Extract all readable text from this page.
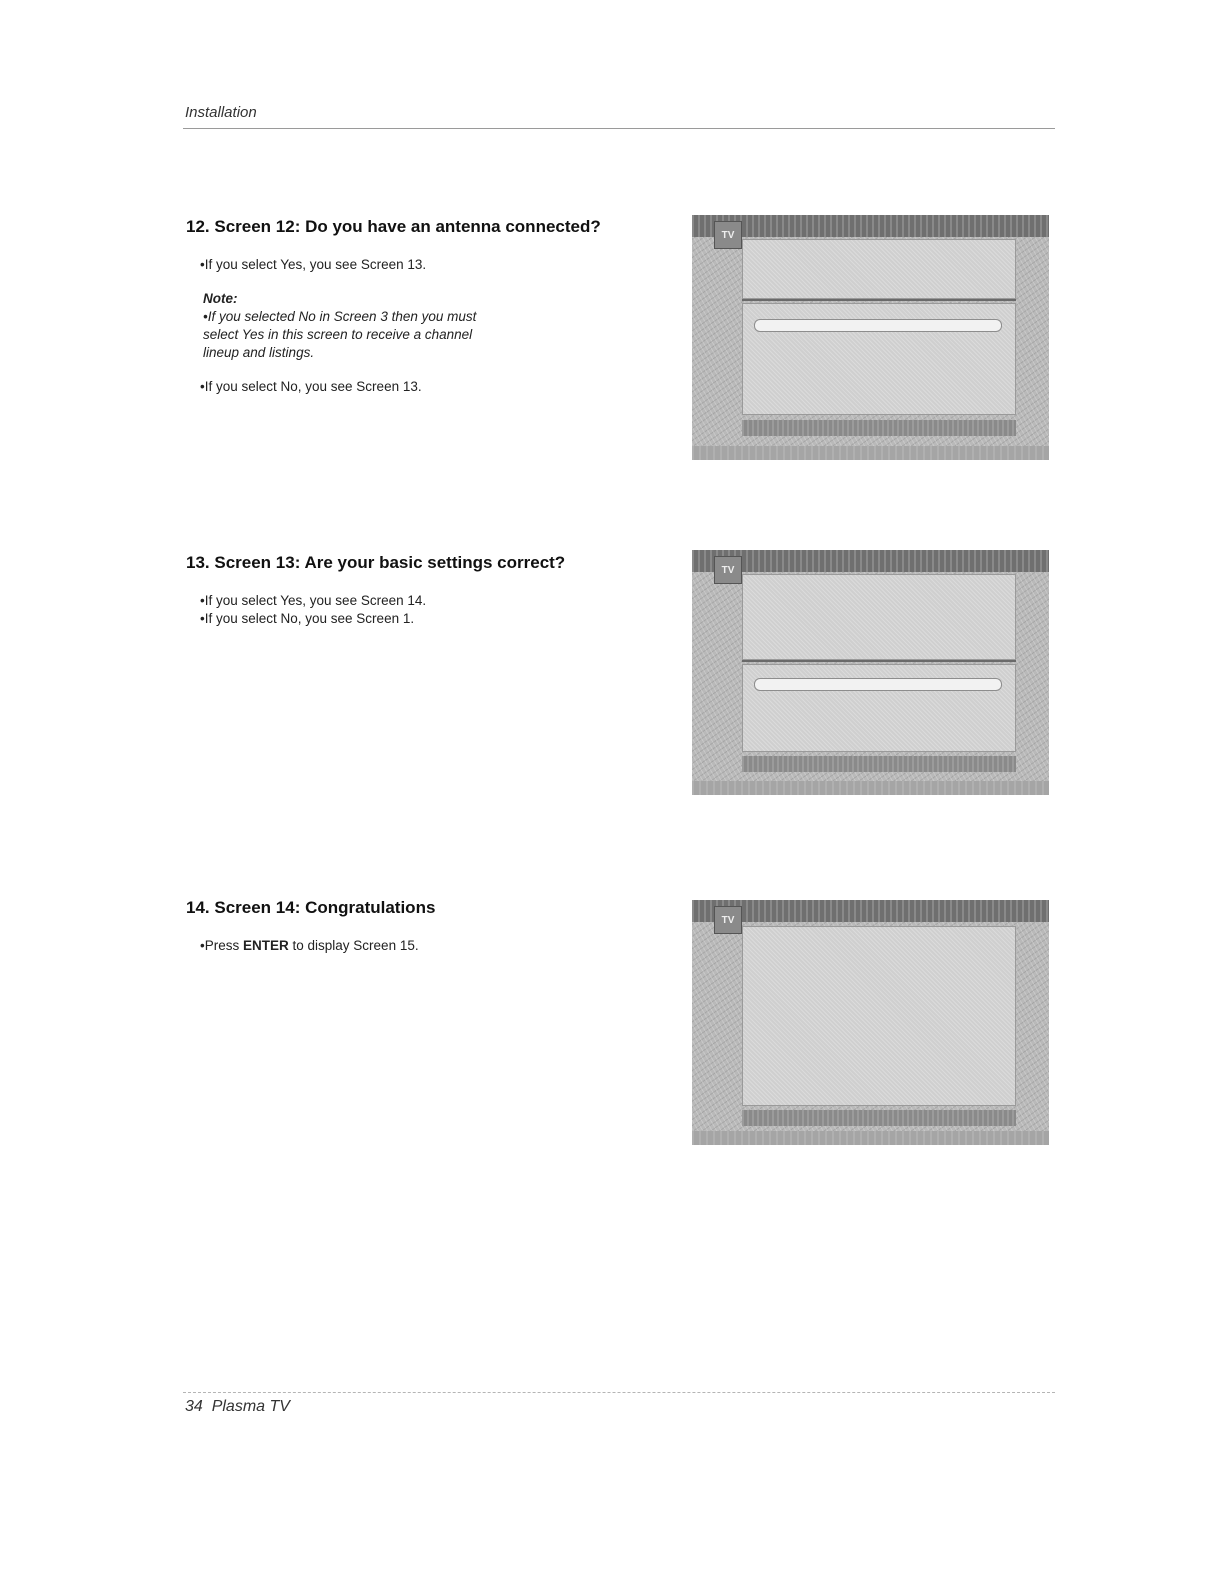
Installation
12. Screen 12: Do you have an antenna connected?

•If you select Yes, you see Screen 13.

Note:

•If you selected No in Screen 3 then you must

select Yes in this screen to receive a channel

lineup and listings.

•If you select No, you see Screen 13.

13. Screen 13: Are your basic settings correct?

•If you select Yes, you see Screen 14.

•If you select No, you see Screen 1.

14. Screen 14: Congratulations

•Press ENTER to display Screen 15.

TV
TV
TV
34  Plasma TV
